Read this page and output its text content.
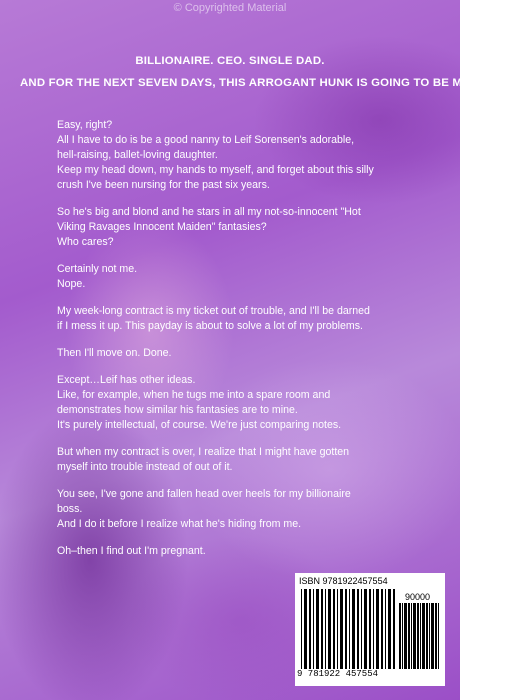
© Copyrighted Material
BILLIONAIRE. CEO. SINGLE DAD.
AND FOR THE NEXT SEVEN DAYS, THIS ARROGANT HUNK IS GOING TO BE MY BOSS.
Easy, right?
All I have to do is be a good nanny to Leif Sorensen's adorable,
hell-raising, ballet-loving daughter.
Keep my head down, my hands to myself, and forget about this silly
crush I've been nursing for the past six years.
So he's big and blond and he stars in all my not-so-innocent "Hot
Viking Ravages Innocent Maiden" fantasies?
Who cares?
Certainly not me.
Nope.
My week-long contract is my ticket out of trouble, and I'll be darned
if I mess it up. This payday is about to solve a lot of my problems.
Then I'll move on. Done.
Except…Leif has other ideas.
Like, for example, when he tugs me into a spare room and
demonstrates how similar his fantasies are to mine.
It's purely intellectual, of course. We're just comparing notes.
But when my contract is over, I realize that I might have gotten
myself into trouble instead of out of it.
You see, I've gone and fallen head over heels for my billionaire
boss.
And I do it before I realize what he's hiding from me.
Oh–then I find out I'm pregnant.
ISBN 9781922457554
90000
9 781922 457554
